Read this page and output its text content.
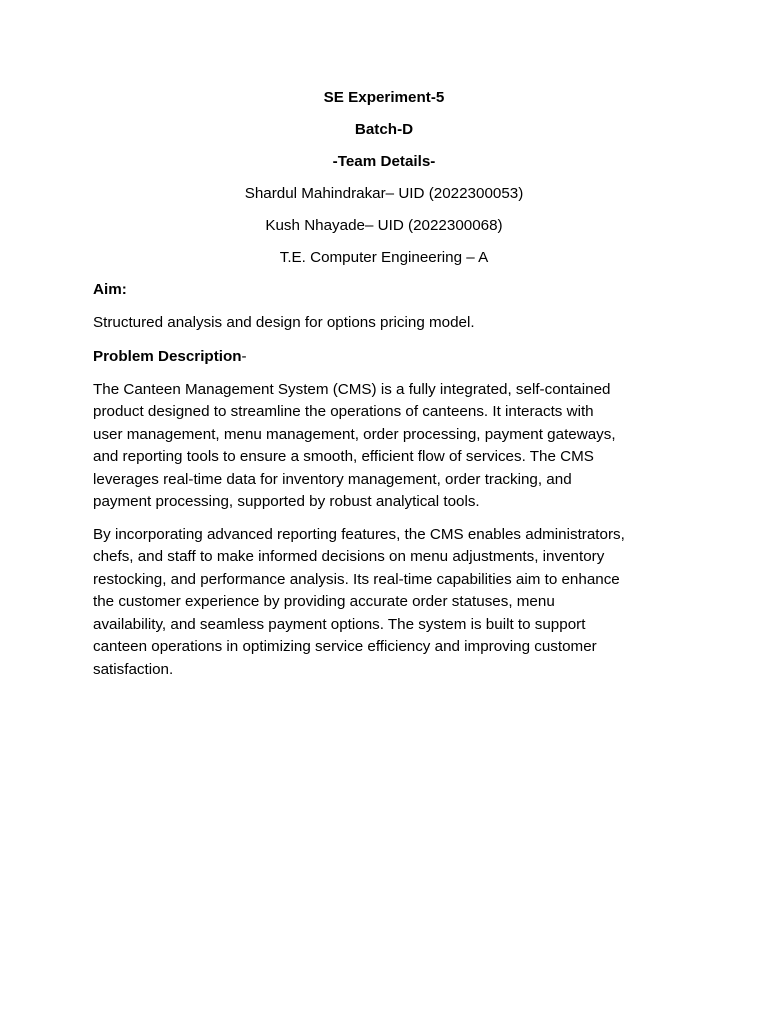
SE Experiment-5
Batch-D
-Team Details-
Shardul Mahindrakar– UID (2022300053)
Kush Nhayade– UID (2022300068)
T.E. Computer Engineering – A
Aim:
Structured analysis and design for options pricing model.
Problem Description-
The Canteen Management System (CMS) is a fully integrated, self-contained
product designed to streamline the operations of canteens. It interacts with
user management, menu management, order processing, payment gateways,
and reporting tools to ensure a smooth, efficient flow of services. The CMS
leverages real-time data for inventory management, order tracking, and
payment processing, supported by robust analytical tools.
By incorporating advanced reporting features, the CMS enables administrators,
chefs, and staff to make informed decisions on menu adjustments, inventory
restocking, and performance analysis. Its real-time capabilities aim to enhance
the customer experience by providing accurate order statuses, menu
availability, and seamless payment options. The system is built to support
canteen operations in optimizing service efficiency and improving customer
satisfaction.
